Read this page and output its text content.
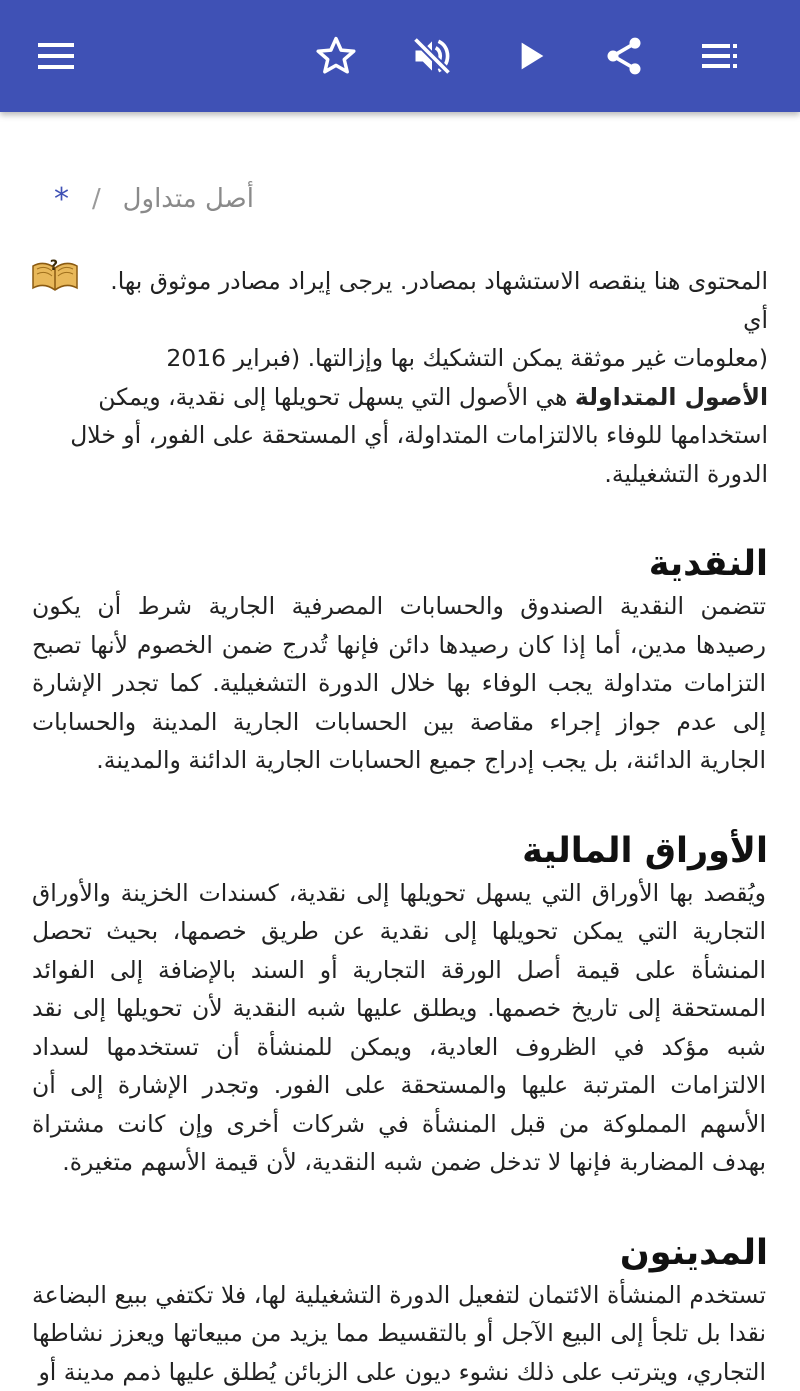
* / أصل متداول
?
المحتوى هنا ينقصه الاستشهاد بمصادر. يرجى إيراد مصادر موثوق بها. أي
(معلومات غير موثقة يمكن التشكيك بها وإزالتها. (فبراير 2016

الأصول المتداولة هي الأصول التي يسهل تحويلها إلى نقدية، ويمكن استخدامها للوفاء بالالتزامات المتداولة، أي المستحقة على الفور، أو خلال الدورة التشغيلية.

النقدية

تتضمن النقدية الصندوق والحسابات المصرفية الجارية شرط أن يكون رصيدها مدين، أما إذا كان رصيدها دائن فإنها تُدرج ضمن الخصوم لأنها تصبح التزامات متداولة يجب الوفاء بها خلال الدورة التشغيلية. كما تجدر الإشارة إلى عدم جواز إجراء مقاصة بين الحسابات الجارية المدينة والحسابات الجارية الدائنة، بل يجب إدراج جميع الحسابات الجارية الدائنة والمدينة.

الأوراق المالية

ويُقصد بها الأوراق التي يسهل تحويلها إلى نقدية، كسندات الخزينة والأوراق التجارية التي يمكن تحويلها إلى نقدية عن طريق خصمها، بحيث تحصل المنشأة على قيمة أصل الورقة التجارية أو السند بالإضافة إلى الفوائد المستحقة إلى تاريخ خصمها. ويطلق عليها شبه النقدية لأن تحويلها إلى نقد شبه مؤكد في الظروف العادية، ويمكن للمنشأة أن تستخدمها لسداد الالتزامات المترتبة عليها والمستحقة على الفور. وتجدر الإشارة إلى أن الأسهم المملوكة من قبل المنشأة في شركات أخرى وإن كانت مشتراة بهدف المضاربة فإنها لا تدخل ضمن شبه النقدية، لأن قيمة الأسهم متغيرة.

المدينون

تستخدم المنشأة الائتمان لتفعيل الدورة التشغيلية لها، فلا تكتفي ببيع البضاعة نقدا بل تلجأ إلى البيع الآجل أو بالتقسيط مما يزيد من مبيعاتها ويعزز نشاطها التجاري، ويترتب على ذلك نشوء ديون على الزبائن يُطلق عليها ذمم مدينة أو
